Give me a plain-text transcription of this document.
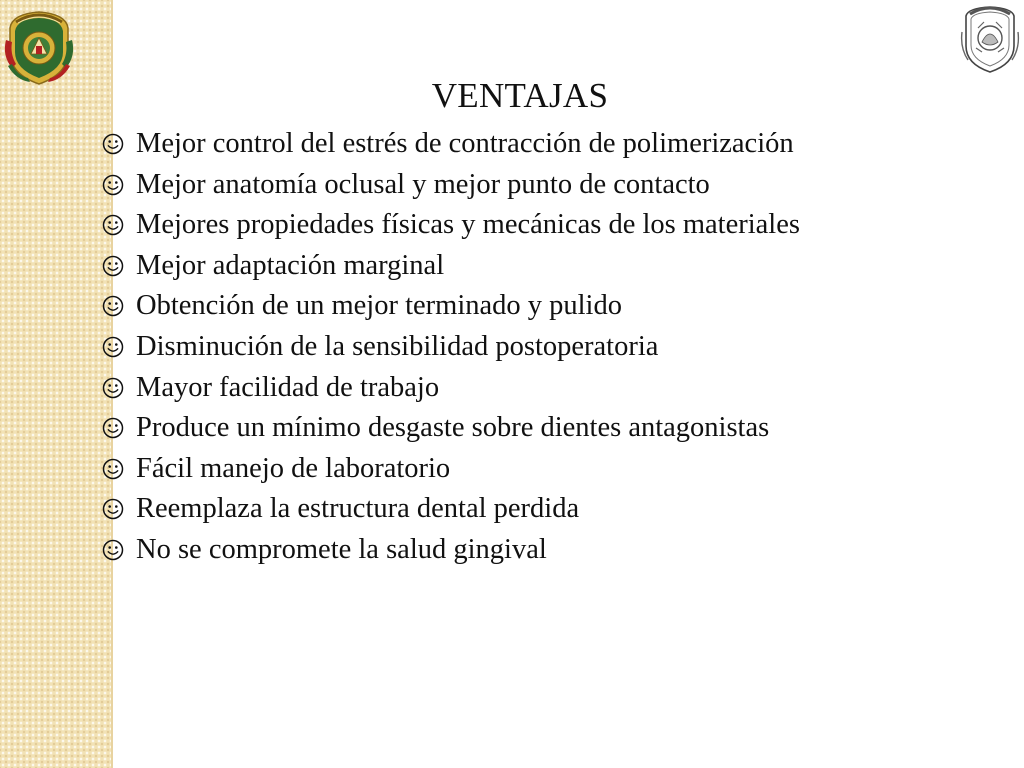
VENTAJAS
Mejor control del estrés de contracción de polimerización
Mejor anatomía oclusal y mejor punto de contacto
Mejores propiedades físicas y mecánicas de los materiales
Mejor adaptación marginal
Obtención de un mejor terminado y pulido
Disminución de la sensibilidad postoperatoria
Mayor facilidad de trabajo
Produce un mínimo desgaste sobre dientes antagonistas
Fácil manejo de laboratorio
Reemplaza la estructura dental perdida
No se compromete la salud gingival
